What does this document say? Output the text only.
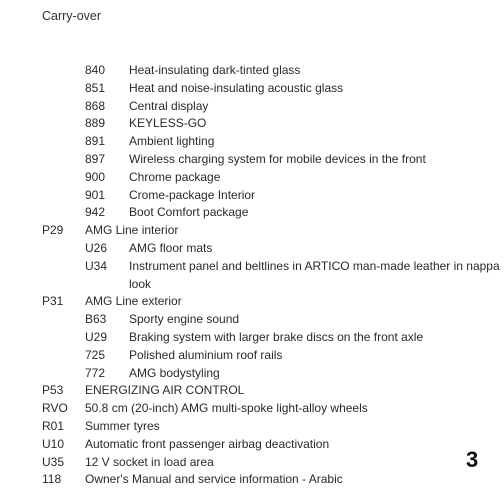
Carry-over
840 Heat-insulating dark-tinted glass
851 Heat and noise-insulating acoustic glass
868 Central display
889 KEYLESS-GO
891 Ambient lighting
897 Wireless charging system for mobile devices in the front
900 Chrome package
901 Crome-package Interior
942 Boot Comfort package
P29 AMG Line interior
U26 AMG floor mats
U34 Instrument panel and beltlines in ARTICO man-made leather in nappa
look
P31 AMG Line exterior
B63 Sporty engine sound
U29 Braking system with larger brake discs on the front axle
725 Polished aluminium roof rails
772 AMG bodystyling
P53 ENERGIZING AIR CONTROL
RVO 50.8 cm (20-inch) AMG multi-spoke light-alloy wheels
R01 Summer tyres
U10 Automatic front passenger airbag deactivation
U35 12 V socket in load area
118 Owner's Manual and service information - Arabic
3
